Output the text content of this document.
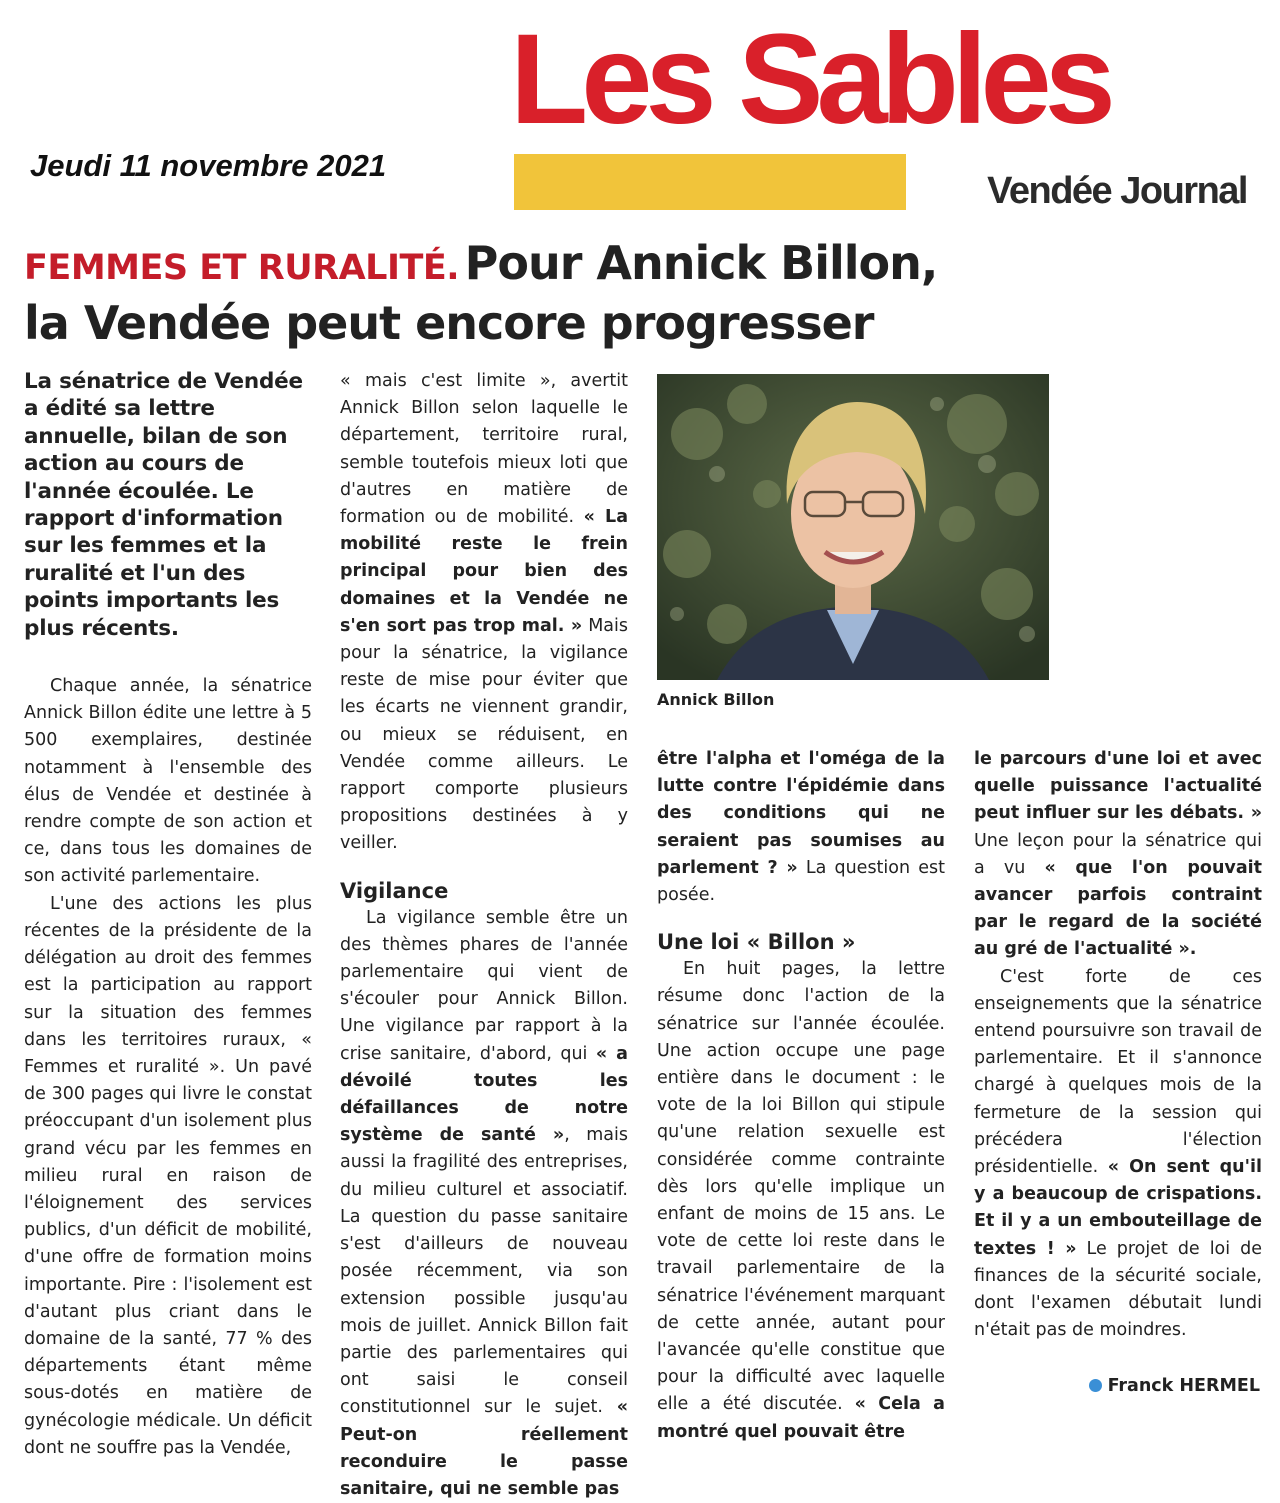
Les Sables
Vendée Journal
Jeudi 11 novembre 2021
FEMMES ET RURALITÉ. Pour Annick Billon,
la Vendée peut encore progresser

La sénatrice de Vendée a édité sa lettre annuelle, bilan de son action au cours de l'année écoulée. Le rapport d'information sur les femmes et la ruralité et l'un des points importants les plus récents.

Chaque année, la sénatrice Annick Billon édite une lettre à 5 500 exemplaires, destinée notamment à l'ensemble des élus de Vendée et destinée à rendre compte de son action et ce, dans tous les domaines de son activité parlementaire.

L'une des actions les plus récentes de la présidente de la délégation au droit des femmes est la participation au rapport sur la situation des femmes dans les territoires ruraux, « Femmes et ruralité ». Un pavé de 300 pages qui livre le constat préoccupant d'un isolement plus grand vécu par les femmes en milieu rural en raison de l'éloignement des services publics, d'un déficit de mobilité, d'une offre de formation moins importante. Pire : l'isolement est d'autant plus criant dans le domaine de la santé, 77 % des départements étant même sous-dotés en matière de gynécologie médicale. Un déficit dont ne souffre pas la Vendée,

« mais c'est limite », avertit Annick Billon selon laquelle le département, territoire rural, semble toutefois mieux loti que d'autres en matière de formation ou de mobilité. « La mobilité reste le frein principal pour bien des domaines et la Vendée ne s'en sort pas trop mal. » Mais pour la sénatrice, la vigilance reste de mise pour éviter que les écarts ne viennent grandir, ou mieux se réduisent, en Vendée comme ailleurs. Le rapport comporte plusieurs propositions destinées à y veiller.

Vigilance

La vigilance semble être un des thèmes phares de l'année parlementaire qui vient de s'écouler pour Annick Billon. Une vigilance par rapport à la crise sanitaire, d'abord, qui « a dévoilé toutes les défaillances de notre système de santé », mais aussi la fragilité des entreprises, du milieu culturel et associatif. La question du passe sanitaire s'est d'ailleurs de nouveau posée récemment, via son extension possible jusqu'au mois de juillet. Annick Billon fait partie des parlementaires qui ont saisi le conseil constitutionnel sur le sujet. « Peut-on réellement reconduire le passe sanitaire, qui ne semble pas

Annick Billon

être l'alpha et l'oméga de la lutte contre l'épidémie dans des conditions qui ne seraient pas soumises au parlement ? » La question est posée.

Une loi « Billon »

En huit pages, la lettre résume donc l'action de la sénatrice sur l'année écoulée. Une action occupe une page entière dans le document : le vote de la loi Billon qui stipule qu'une relation sexuelle est considérée comme contrainte dès lors qu'elle implique un enfant de moins de 15 ans. Le vote de cette loi reste dans le travail parlementaire de la sénatrice l'événement marquant de cette année, autant pour l'avancée qu'elle constitue que pour la difficulté avec laquelle elle a été discutée. « Cela a montré quel pouvait être

le parcours d'une loi et avec quelle puissance l'actualité peut influer sur les débats. » Une leçon pour la sénatrice qui a vu « que l'on pouvait avancer parfois contraint par le regard de la société au gré de l'actualité ».

C'est forte de ces enseignements que la sénatrice entend poursuivre son travail de parlementaire. Et il s'annonce chargé à quelques mois de la fermeture de la session qui précédera l'élection présidentielle. « On sent qu'il y a beaucoup de crispations. Et il y a un embouteillage de textes ! » Le projet de loi de finances de la sécurité sociale, dont l'examen débutait lundi n'était pas de moindres.

Franck HERMEL
